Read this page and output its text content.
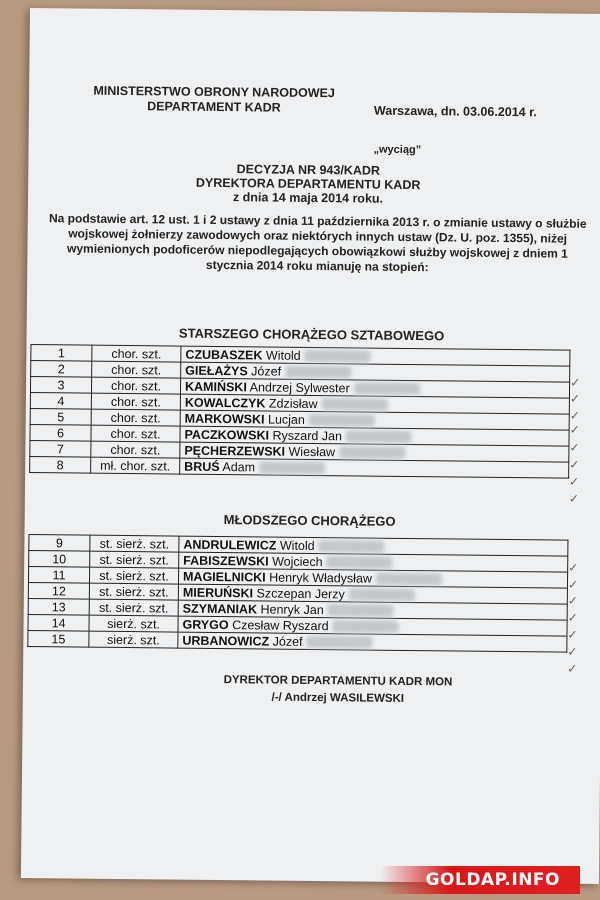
MINISTERSTWO OBRONY NARODOWEJ
DEPARTAMENT KADR	Warszawa, dn. 03.06.2014 r.
„wyciąg”
DECYZJA NR 943/KADR
DYREKTORA DEPARTAMENTU KADR
z dnia 14 maja 2014 roku.
Na podstawie art. 12 ust. 1 i 2 ustawy z dnia 11 października 2013 r. o zmianie ustawy o służbie wojskowej żołnierzy zawodowych oraz niektórych innych ustaw (Dz. U. poz. 1355), niżej wymienionych podoficerów niepodlegających obowiązkowi służby wojskowej z dniem 1 stycznia 2014 roku mianuję na stopień:
STARSZEGO CHORĄŻEGO SZTABOWEGO
1	chor. szt.	CZUBASZEK Witold
2	chor. szt.	GIEŁAŻYS Józef
3	chor. szt.	KAMIŃSKI Andrzej Sylwester
4	chor. szt.	KOWALCZYK Zdzisław
5	chor. szt.	MARKOWSKI Lucjan
6	chor. szt.	PACZKOWSKI Ryszard Jan
7	chor. szt.	PĘCHERZEWSKI Wiesław
8	mł. chor. szt.	BRUŚ Adam
MŁODSZEGO CHORĄŻEGO
9	st. sierż. szt.	ANDRULEWICZ Witold
10	st. sierż. szt.	FABISZEWSKI Wojciech
11	st. sierż. szt.	MAGIELNICKI Henryk Władysław
12	st. sierż. szt.	MIERUŃSKI Szczepan Jerzy
13	st. sierż. szt.	SZYMANIAK Henryk Jan
14	sierż. szt.	GRYGO Czesław Ryszard
15	sierż. szt.	URBANOWICZ Józef
✓
✓
✓
✓
✓
✓
✓
✓
✓
✓
✓
✓
✓
✓
✓
DYREKTOR DEPARTAMENTU KADR MON
/-/ Andrzej WASILEWSKI
GOLDAP.INFO
